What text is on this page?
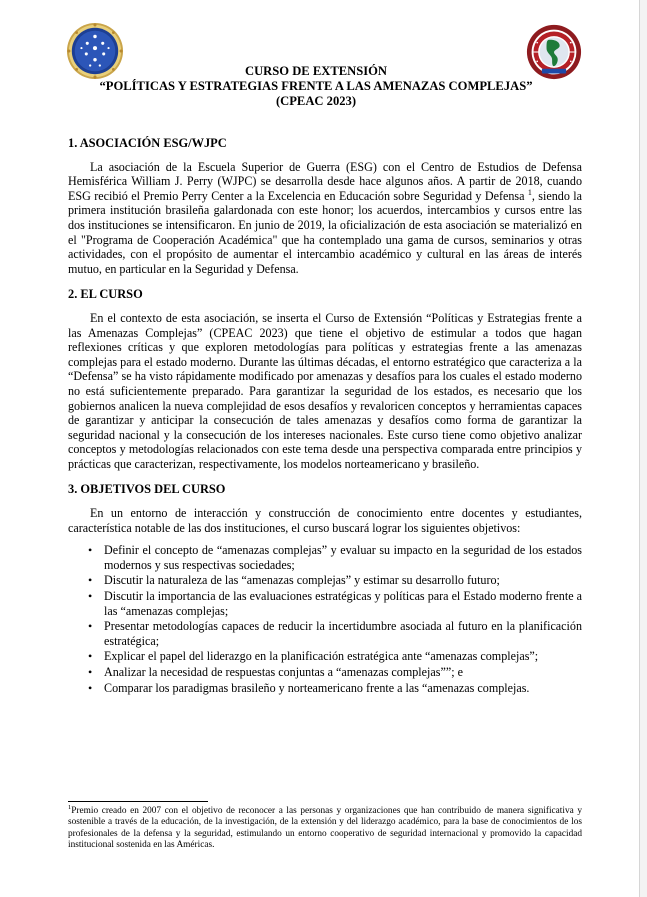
CURSO DE EXTENSIÓN
“POLÍTICAS Y ESTRATEGIAS FRENTE A LAS AMENAZAS COMPLEJAS”
(CPEAC 2023)
1. ASOCIACIÓN ESG/WJPC

La asociación de la Escuela Superior de Guerra (ESG) con el Centro de Estudios de Defensa Hemisférica William J. Perry (WJPC) se desarrolla desde hace algunos años. A partir de 2018, cuando ESG recibió el Premio Perry Center a la Excelencia en Educación sobre Seguridad y Defensa $^1$, siendo la primera institución brasileña galardonada con este honor; los acuerdos, intercambios y cursos entre las dos instituciones se intensificaron. En junio de 2019, la oficialización de esta asociación se materializó en el "Programa de Cooperación Académica" que ha contemplado una gama de cursos, seminarios y otras actividades, con el propósito de aumentar el intercambio académico y cultural en las áreas de interés mutuo, en particular en la Seguridad y Defensa.

2. EL CURSO

En el contexto de esta asociación, se inserta el Curso de Extensión “Políticas y Estrategias frente a las Amenazas Complejas” (CPEAC 2023) que tiene el objetivo de estimular a todos que hagan reflexiones críticas y que exploren metodologías para políticas y estrategias frente a las amenazas complejas para el estado moderno. Durante las últimas décadas, el entorno estratégico que caracteriza a la “Defensa” se ha visto rápidamente modificado por amenazas y desafíos para los cuales el estado moderno no está suficientemente preparado. Para garantizar la seguridad de los estados, es necesario que los gobiernos analicen la nueva complejidad de esos desafíos y revaloricen conceptos y herramientas capaces de garantizar y anticipar la consecución de tales amenazas y desafíos como forma de garantizar la seguridad nacional y la consecución de los intereses nacionales. Este curso tiene como objetivo analizar conceptos y metodologías relacionados con este tema desde una perspectiva comparada entre principios y prácticas que caracterizan, respectivamente, los modelos norteamericano y brasileño.

3. OBJETIVOS DEL CURSO

En un entorno de interacción y construcción de conocimiento entre docentes y estudiantes, característica notable de las dos instituciones, el curso buscará lograr los siguientes objetivos:

• Definir el concepto de “amenazas complejas” y evaluar su impacto en la seguridad de los estados modernos y sus respectivas sociedades;
• Discutir la naturaleza de las “amenazas complejas” y estimar su desarrollo futuro;
• Discutir la importancia de las evaluaciones estratégicas y políticas para el Estado moderno frente a las “amenazas complejas;
• Presentar metodologías capaces de reducir la incertidumbre asociada al futuro en la planificación estratégica;
• Explicar el papel del liderazgo en la planificación estratégica ante “amenazas complejas”;
• Analizar la necesidad de respuestas conjuntas a “amenazas complejas””; e
• Comparar los paradigmas brasileño y norteamericano frente a las “amenazas complejas.
$^1$Premio creado en 2007 con el objetivo de reconocer a las personas y organizaciones que han contribuido de manera significativa y sostenible a través de la educación, de la investigación, de la extensión y del liderazgo académico, para la base de conocimientos de los profesionales de la defensa y la seguridad, estimulando un entorno cooperativo de seguridad internacional y promovido la capacidad institucional sostenida en las Américas.
